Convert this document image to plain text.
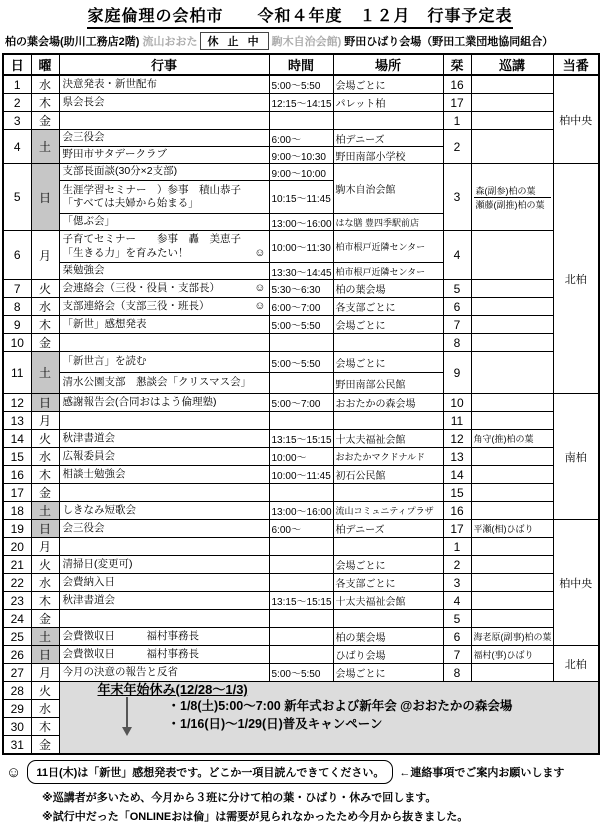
家庭倫理の会柏市　　令和４年度　１２月　行事予定表
柏の葉会場(助川工務店2階) 流山おおた 休 止 中 駒木自治会館) 野田ひばり会場（野田工業団地協同組合）
日	曜	行事	時間	場所	栞	巡講	当番
1	水	決意発表・新世配布	5:00～5:50	会場ごとに	16		柏中央
2	木	県会長会	12:15～14:15	パレット柏	17		
3	金				1		
4	土	会三役会	6:00～	柏デニーズ	2		

		野田市サタデークラブ	9:00～10:30	野田南部小学校			
5	日	支部長面談(30分×2支部)	9:00～10:00	駒木自治会館	3	森(副参)柏の葉
瀬藤(副推)柏の葉	北柏

		生涯学習セミナー　）参事　積山恭子
「すべては夫婦から始まる」	10:15～11:45				

		「偲ぶ会」	13:00～16:00	はな膳 豊四季駅前店			
6	月	子育てセミナー　　参事　轟　美恵子
「生きる力」を育みたい！ ☺	10:00～11:30	柏市根戸近隣センター	4		

		栞勉強会	13:30～14:45	柏市根戸近隣センター			
7	火	会連絡会（三役・役員・支部長） ☺	5:30～6:30	柏の葉会場	5		
8	水	支部連絡会（支部三役・班長） ☺	6:00～7:00	各支部ごとに	6		
9	木	「新世」感想発表	5:00～5:50	会場ごとに	7		
10	金				8		
11	土	「新世言」を読む	5:00～5:50	会場ごとに	9		

		清水公園支部　懇談会「クリスマス会」		野田南部公民館			
12	日	感謝報告会(合同おはよう倫理塾)	5:00～7:00	おおたかの森会場	10		南柏
13	月				11		
14	火	秋津書道会	13:15～15:15	十太夫福祉会館	12	角守(推)柏の葉	
15	水	広報委員会	10:00～	おおたかマクドナルド	13		
16	木	相談士勉強会	10:00～11:45	初石公民館	14		
17	金				15		
18	土	しきなみ短歌会	13:00～16:00	流山コミュニティプラザ	16		
19	日	会三役会	6:00～	柏デニーズ	17	平瀬(相)ひばり	柏中央
20	月				1		
21	火	清掃日(変更可)		会場ごとに	2		
22	水	会費納入日		各支部ごとに	3		
23	木	秋津書道会	13:15～15:15	十太夫福祉会館	4		
24	金				5		
25	土	会費徴収日　　　福村事務長		柏の葉会場	6	海老原(副事)柏の葉	
26	日	会費徴収日　　　福村事務長		ひばり会場	7	福村(事)ひばり	北柏
27	月	今月の決意の報告と反省	5:00～5:50	会場ごとに	8		
28	火	年末年始休み(12/28～1/3)
・1/8(土)5:00～7:00 新年式および新年会 @おおたかの森会場
・1/16(日)～1/29(日)普及キャンペーン					

29	水						
30	木						
31	金						
☺	11日(木)は「新世」感想発表です。どこか一項目読んできてください。	←連絡事項でご案内お願いします
※巡講者が多いため、今月から３班に分けて柏の葉・ひばり・休みで回します。
※試行中だった「ONLINEおは倫」は需要が見られなかったため今月から抜きました。
